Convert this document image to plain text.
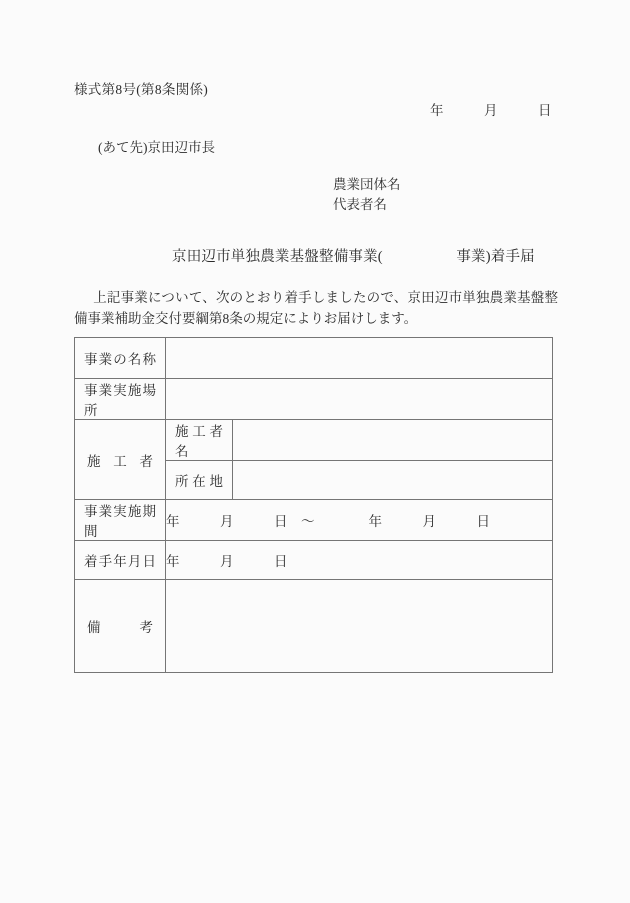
様式第8号(第8条関係)
年　　　月　　　日
(あて先)京田辺市長
農業団体名
代表者名
京田辺市単独農業基盤整備事業(　　　　　事業)着手届
上記事業について、次のとおり着手しましたので、京田辺市単独農業基盤整備事業補助金交付要綱第8条の規定によりお届けします。
事業の名称		

事業実施場所		

施工者	施工者名	

	所在地	

事業実施期間	年　　　月　　　日　～　　　　年　　　月　　　日	

着手年月日	年　　　月　　　日	

備考		
